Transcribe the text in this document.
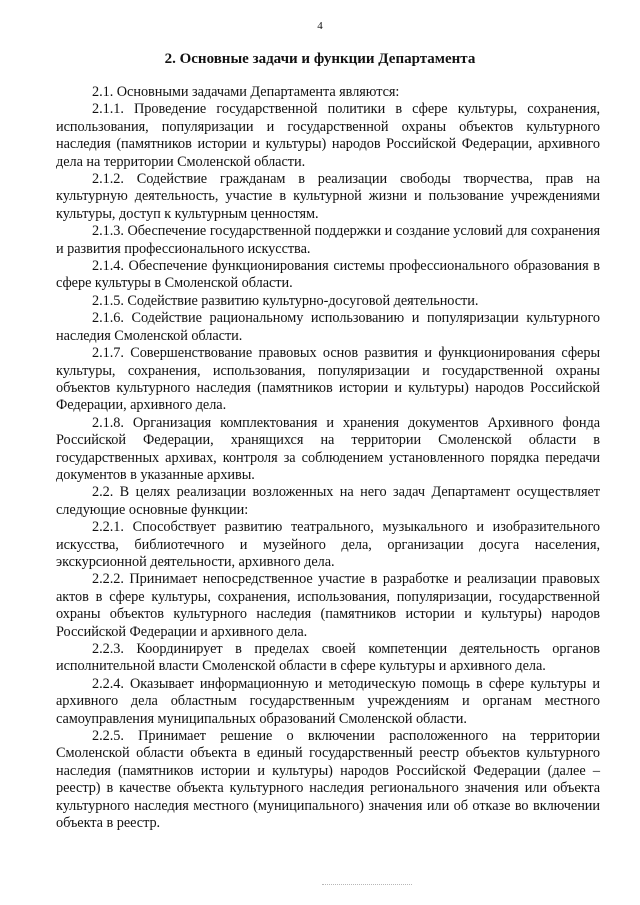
4
2. Основные задачи и функции Департамента

2.1. Основными задачами Департамента являются:

2.1.1. Проведение государственной политики в сфере культуры, сохранения, использования, популяризации и государственной охраны объектов культурного наследия (памятников истории и культуры) народов Российской Федерации, архивного дела на территории Смоленской области.

2.1.2. Содействие гражданам в реализации свободы творчества, прав на культурную деятельность, участие в культурной жизни и пользование учреждениями культуры, доступ к культурным ценностям.

2.1.3. Обеспечение государственной поддержки и создание условий для сохранения и развития профессионального искусства.

2.1.4. Обеспечение функционирования системы профессионального образования в сфере культуры в Смоленской области.

2.1.5. Содействие развитию культурно-досуговой деятельности.

2.1.6. Содействие рациональному использованию и популяризации культурного наследия Смоленской области.

2.1.7. Совершенствование правовых основ развития и функционирования сферы культуры, сохранения, использования, популяризации и государственной охраны объектов культурного наследия (памятников истории и культуры) народов Российской Федерации, архивного дела.

2.1.8. Организация комплектования и хранения документов Архивного фонда Российской Федерации, хранящихся на территории Смоленской области в государственных архивах, контроля за соблюдением установленного порядка передачи документов в указанные архивы.

2.2. В целях реализации возложенных на него задач Департамент осуществляет следующие основные функции:

2.2.1. Способствует развитию театрального, музыкального и изобразительного искусства, библиотечного и музейного дела, организации досуга населения, экскурсионной деятельности, архивного дела.

2.2.2. Принимает непосредственное участие в разработке и реализации правовых актов в сфере культуры, сохранения, использования, популяризации, государственной охраны объектов культурного наследия (памятников истории и культуры) народов Российской Федерации и архивного дела.

2.2.3. Координирует в пределах своей компетенции деятельность органов исполнительной власти Смоленской области в сфере культуры и архивного дела.

2.2.4. Оказывает информационную и методическую помощь в сфере культуры и архивного дела областным государственным учреждениям и органам местного самоуправления муниципальных образований Смоленской области.

2.2.5. Принимает решение о включении расположенного на территории Смоленской области объекта в единый государственный реестр объектов культурного наследия (памятников истории и культуры) народов Российской Федерации (далее – реестр) в качестве объекта культурного наследия регионального значения или объекта культурного наследия местного (муниципального) значения или об отказе во включении объекта в реестр.
